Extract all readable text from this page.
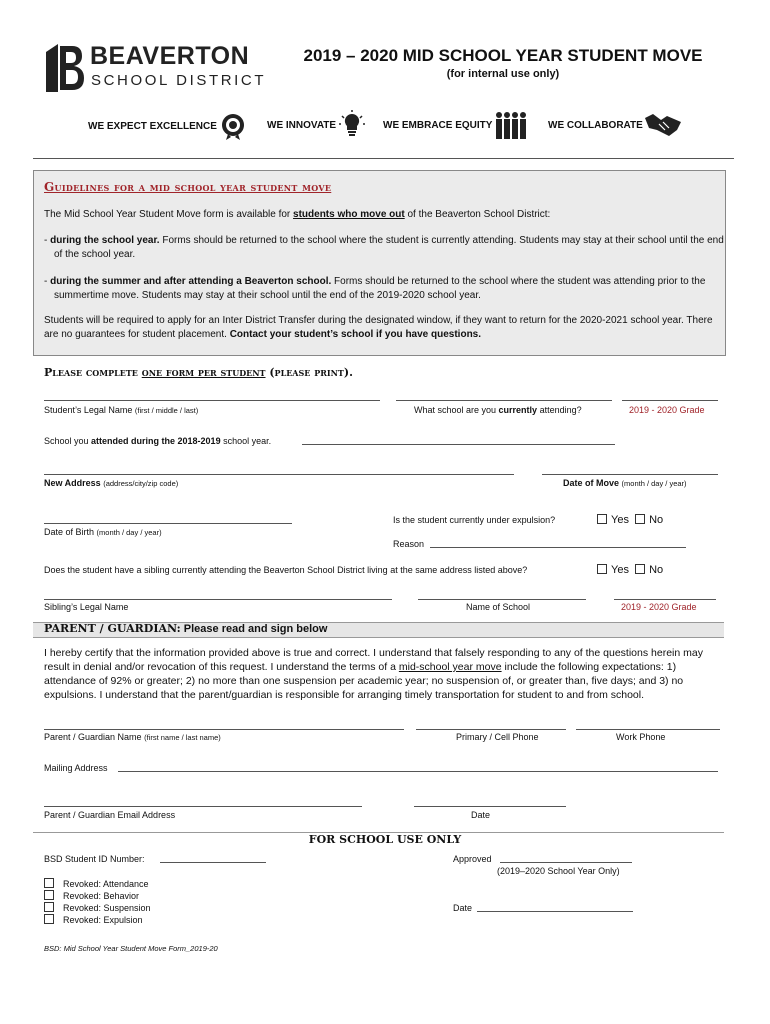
BEAVERTON
SCHOOL DISTRICT
2019 – 2020 MID SCHOOL YEAR STUDENT MOVE
(for internal use only)
WE EXPECT EXCELLENCE	WE INNOVATE	WE EMBRACE EQUITY	WE COLLABORATE
Guidelines for a mid school year student move
The Mid School Year Student Move form is available for students who move out of the Beaverton School District:
- during the school year. Forms should be returned to the school where the student is currently attending. Students may stay at their school until the end of the school year.
- during the summer and after attending a Beaverton school. Forms should be returned to the school where the student was attending prior to the summertime move. Students may stay at their school until the end of the 2019-2020 school year.
Students will be required to apply for an Inter District Transfer during the designated window, if they want to return for the 2020-2021 school year. There are no guarantees for student placement. Contact your student’s school if you have questions.
Please complete one form per student (please print).
Student’s Legal Name (first / middle / last)	What school are you currently attending?	2019 - 2020 Grade
School you attended during the 2018-2019 school year.
New Address (address/city/zip code)	Date of Move (month / day / year)
Date of Birth (month / day / year)
Is the student currently under expulsion?	Yes No
Reason
Does the student have a sibling currently attending the Beaverton School District living at the same address listed above?	Yes No
Sibling’s Legal Name	Name of School	2019 - 2020 Grade
PARENT / GUARDIAN: Please read and sign below
I hereby certify that the information provided above is true and correct. I understand that falsely responding to any of the questions herein may result in denial and/or revocation of this request. I understand the terms of a mid-school year move include the following expectations: 1) attendance of 92% or greater; 2) no more than one suspension per academic year; no suspension of, or greater than, five days; and 3) no expulsions. I understand that the parent/guardian is responsible for arranging timely transportation for student to and from school.
Parent / Guardian Name (first name / last name)	Primary / Cell Phone	Work Phone
Mailing Address
Parent / Guardian Email Address	Date
FOR SCHOOL USE ONLY
BSD Student ID Number:	Approved
(2019–2020 School Year Only)
Revoked: Attendance
Revoked: Behavior
Revoked: Suspension
Revoked: Expulsion
Date
BSD: Mid School Year Student Move Form_2019-20
